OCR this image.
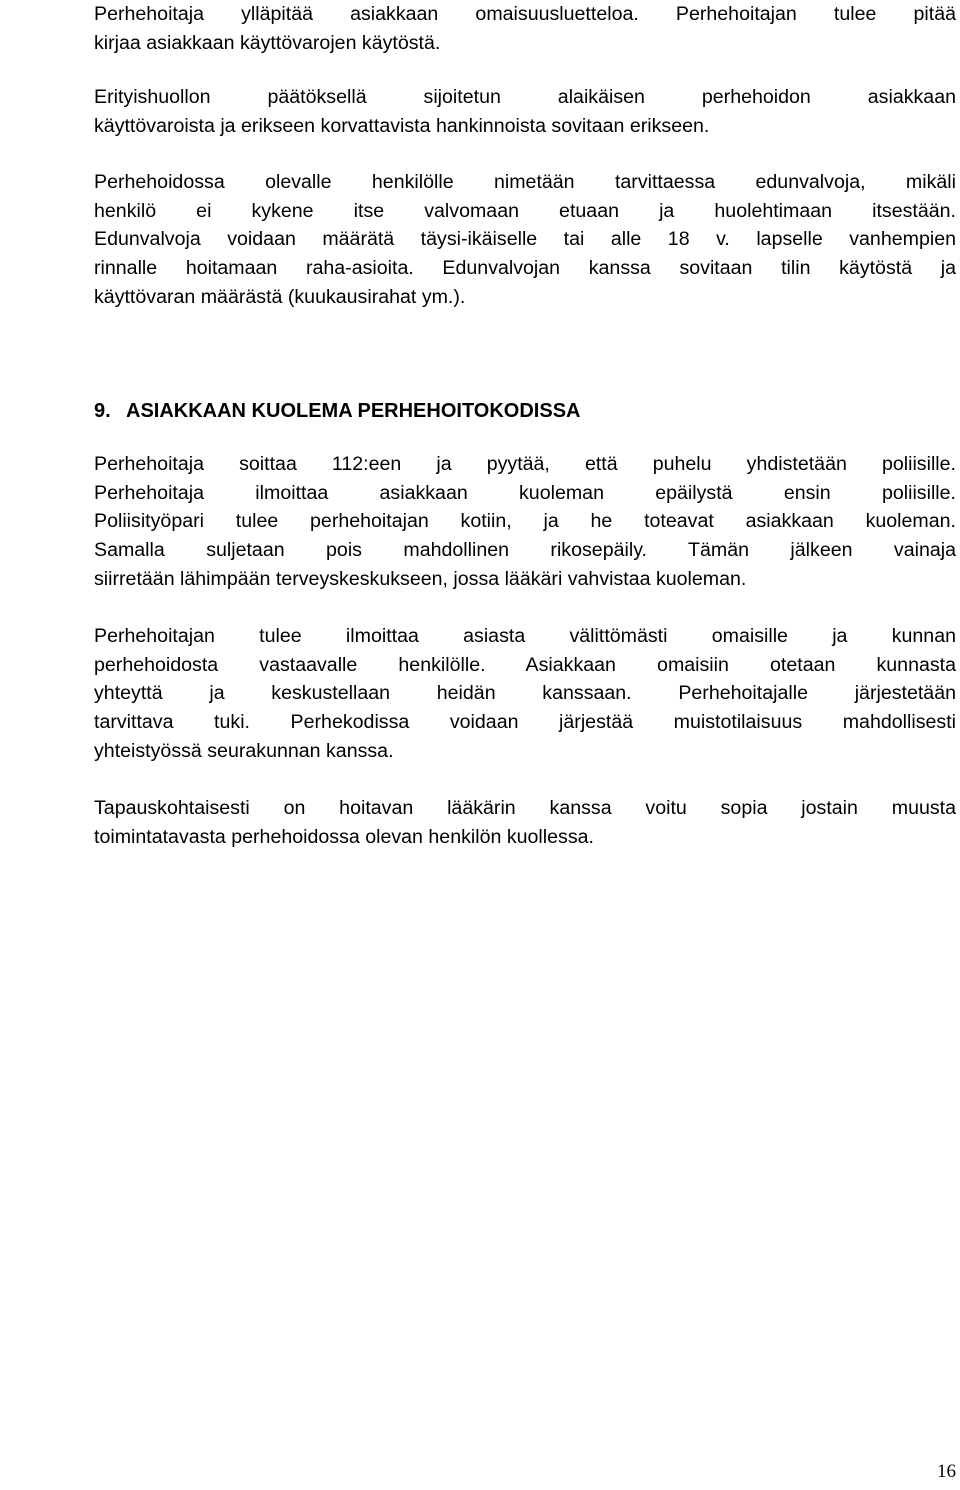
Perhehoitaja ylläpitää asiakkaan omaisuusluetteloa. Perhehoitajan tulee pitää
kirjaa asiakkaan käyttövarojen käytöstä.
Erityishuollon päätöksellä sijoitetun alaikäisen perhehoidon asiakkaan
käyttövaroista ja erikseen korvattavista hankinnoista sovitaan erikseen.
Perhehoidossa olevalle henkilölle nimetään tarvittaessa edunvalvoja, mikäli
henkilö ei kykene itse valvomaan etuaan ja huolehtimaan itsestään.
Edunvalvoja voidaan määrätä täysi-ikäiselle tai alle 18 v. lapselle vanhempien
rinnalle hoitamaan raha-asioita. Edunvalvojan kanssa sovitaan tilin käytöstä ja
käyttövaran määrästä (kuukausirahat ym.).
9. ASIAKKAAN KUOLEMA PERHEHOITOKODISSA
Perhehoitaja soittaa 112:een ja pyytää, että puhelu yhdistetään poliisille.
Perhehoitaja ilmoittaa asiakkaan kuoleman epäilystä ensin poliisille.
Poliisityöpari tulee perhehoitajan kotiin, ja he toteavat asiakkaan kuoleman.
Samalla suljetaan pois mahdollinen rikosepäily. Tämän jälkeen vainaja
siirretään lähimpään terveyskeskukseen, jossa lääkäri vahvistaa kuoleman.
Perhehoitajan tulee ilmoittaa asiasta välittömästi omaisille ja kunnan
perhehoidosta vastaavalle henkilölle. Asiakkaan omaisiin otetaan kunnasta
yhteyttä ja keskustellaan heidän kanssaan. Perhehoitajalle järjestetään
tarvittava tuki. Perhekodissa voidaan järjestää muistotilaisuus mahdollisesti
yhteistyössä seurakunnan kanssa.
Tapauskohtaisesti on hoitavan lääkärin kanssa voitu sopia jostain muusta
toimintatavasta perhehoidossa olevan henkilön kuollessa.
16
